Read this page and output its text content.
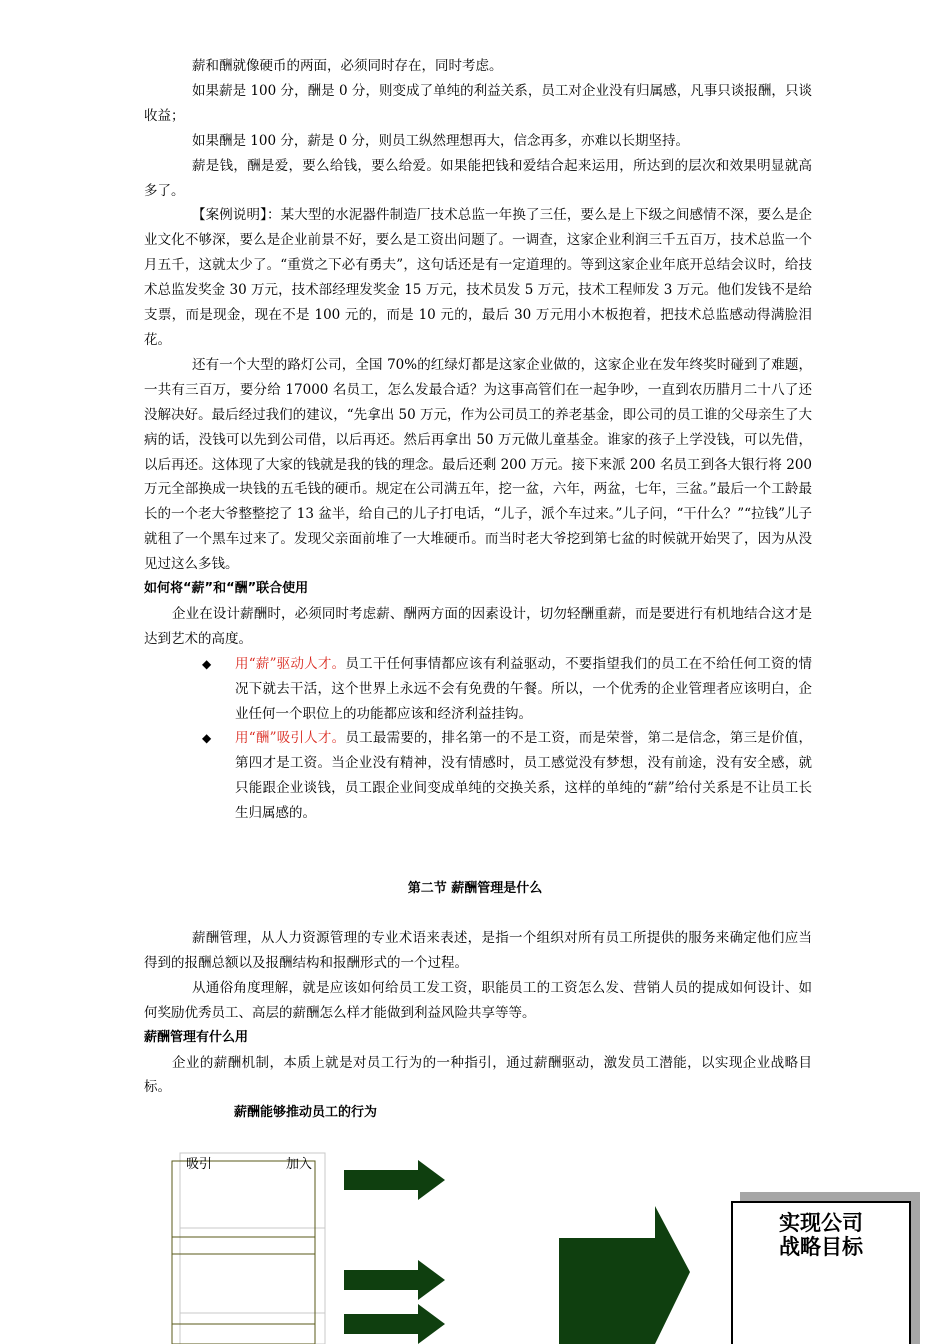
薪和酬就像硬币的两面，必须同时存在，同时考虑。

如果薪是 100 分，酬是 0 分，则变成了单纯的利益关系，员工对企业没有归属感，凡事只谈报酬，只谈收益；

如果酬是 100 分，薪是 0 分，则员工纵然理想再大，信念再多，亦难以长期坚持。

薪是钱，酬是爱，要么给钱，要么给爱。如果能把钱和爱结合起来运用，所达到的层次和效果明显就高多了。

【案例说明】：某大型的水泥器件制造厂技术总监一年换了三任，要么是上下级之间感情不深，要么是企业文化不够深，要么是企业前景不好，要么是工资出问题了。一调查，这家企业利润三千五百万，技术总监一个月五千，这就太少了。“重赏之下必有勇夫”，这句话还是有一定道理的。等到这家企业年底开总结会议时，给技术总监发奖金 30 万元，技术部经理发奖金 15 万元，技术员发 5 万元，技术工程师发 3 万元。他们发钱不是给支票，而是现金，现在不是 100 元的，而是 10 元的，最后 30 万元用小木板抱着，把技术总监感动得满脸泪花。

还有一个大型的路灯公司，全国 70%的红绿灯都是这家企业做的，这家企业在发年终奖时碰到了难题，一共有三百万，要分给 17000 名员工，怎么发最合适？为这事高管们在一起争吵，一直到农历腊月二十八了还没解决好。最后经过我们的建议，“先拿出 50 万元，作为公司员工的养老基金，即公司的员工谁的父母亲生了大病的话，没钱可以先到公司借，以后再还。然后再拿出 50 万元做儿童基金。谁家的孩子上学没钱，可以先借，以后再还。这体现了大家的钱就是我的钱的理念。最后还剩 200 万元。接下来派 200 名员工到各大银行将 200 万元全部换成一块钱的五毛钱的硬币。规定在公司满五年，挖一盆，六年，两盆，七年，三盆。”最后一个工龄最长的一个老大爷整整挖了 13 盆半，给自己的儿子打电话，“儿子，派个车过来。”儿子问，“干什么？”“拉钱”儿子就租了一个黑车过来了。发现父亲面前堆了一大堆硬币。而当时老大爷挖到第七盆的时候就开始哭了，因为从没见过这么多钱。

如何将“薪”和“酬”联合使用

企业在设计薪酬时，必须同时考虑薪、酬两方面的因素设计，切勿轻酬重薪，而是要进行有机地结合这才是达到艺术的高度。

◆ 用“薪”驱动人才。员工干任何事情都应该有利益驱动，不要指望我们的员工在不给任何工资的情况下就去干活，这个世界上永远不会有免费的午餐。所以，一个优秀的企业管理者应该明白，企业任何一个职位上的功能都应该和经济利益挂钩。

◆ 用“酬”吸引人才。员工最需要的，排名第一的不是工资，而是荣誉，第二是信念，第三是价值，第四才是工资。当企业没有精神，没有情感时，员工感觉没有梦想，没有前途，没有安全感，就只能跟企业谈钱，员工跟企业间变成单纯的交换关系，这样的单纯的“薪”给付关系是不让员工长生归属感的。

第二节 薪酬管理是什么

薪酬管理，从人力资源管理的专业术语来表述，是指一个组织对所有员工所提供的服务来确定他们应当得到的报酬总额以及报酬结构和报酬形式的一个过程。

从通俗角度理解，就是应该如何给员工发工资，职能员工的工资怎么发、营销人员的提成如何设计、如何奖励优秀员工、高层的薪酬怎么样才能做到利益风险共享等等。

薪酬管理有什么用

企业的薪酬机制，本质上就是对员工行为的一种指引，通过薪酬驱动，激发员工潜能，以实现企业战略目标。

薪酬能够推动员工的行为
吸引	加入
实现公司
战略目标
